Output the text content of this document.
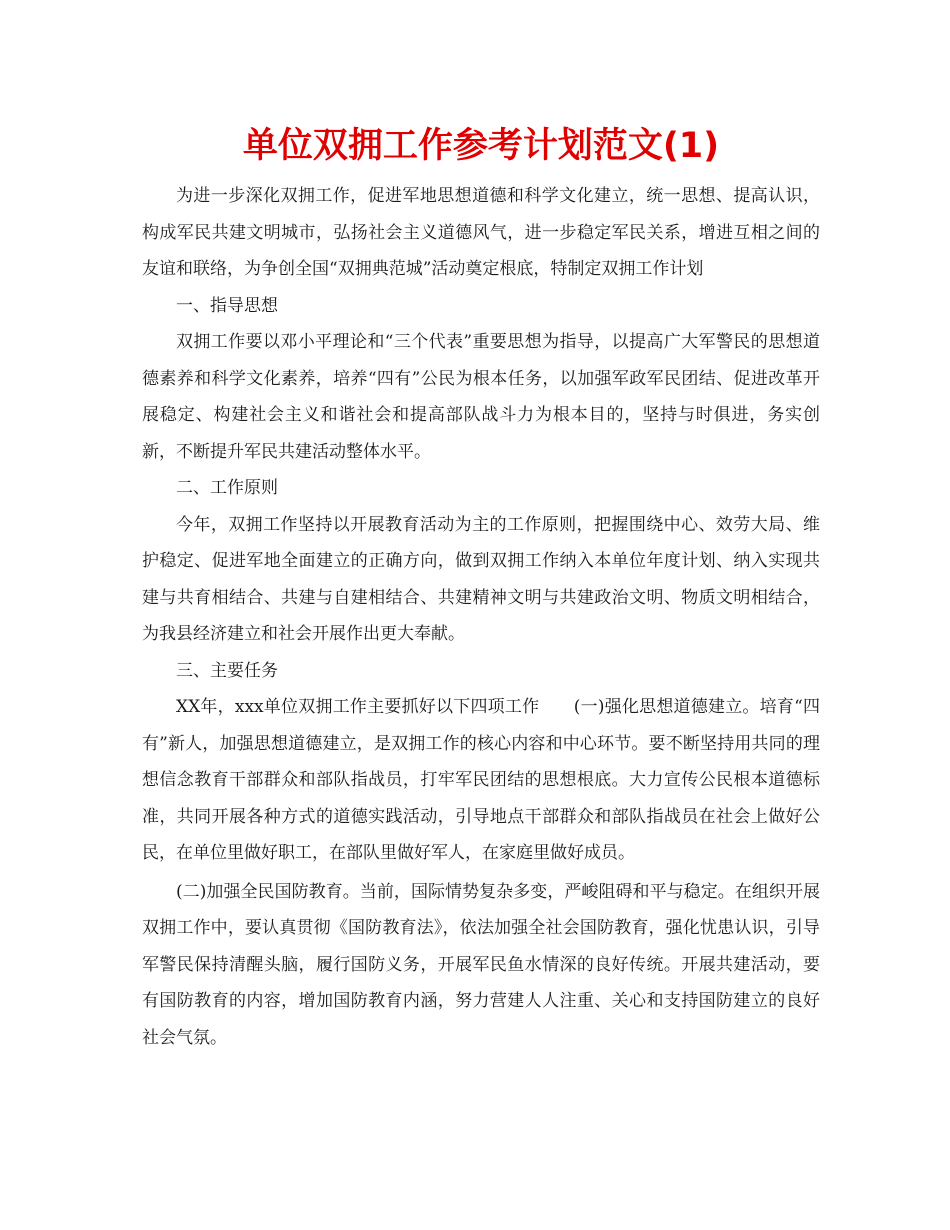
单位双拥工作参考计划范文(1)

为进一步深化双拥工作，促进军地思想道德和科学文化建立，统一思想、提高认识，构成军民共建文明城市，弘扬社会主义道德风气，进一步稳定军民关系，增进互相之间的友谊和联络，为争创全国“双拥典范城”活动奠定根底，特制定双拥工作计划

一、指导思想

双拥工作要以邓小平理论和“三个代表”重要思想为指导，以提高广大军警民的思想道德素养和科学文化素养，培养“四有”公民为根本任务，以加强军政军民团结、促进改革开展稳定、构建社会主义和谐社会和提高部队战斗力为根本目的，坚持与时俱进，务实创新，不断提升军民共建活动整体水平。

二、工作原则

今年，双拥工作坚持以开展教育活动为主的工作原则，把握围绕中心、效劳大局、维护稳定、促进军地全面建立的正确方向，做到双拥工作纳入本单位年度计划、纳入实现共建与共育相结合、共建与自建相结合、共建精神文明与共建政治文明、物质文明相结合，为我县经济建立和社会开展作出更大奉献。

三、主要任务

XX年，xxx单位双拥工作主要抓好以下四项工作　　(一)强化思想道德建立。培育“四有”新人，加强思想道德建立，是双拥工作的核心内容和中心环节。要不断坚持用共同的理想信念教育干部群众和部队指战员，打牢军民团结的思想根底。大力宣传公民根本道德标准，共同开展各种方式的道德实践活动，引导地点干部群众和部队指战员在社会上做好公民，在单位里做好职工，在部队里做好军人，在家庭里做好成员。

(二)加强全民国防教育。当前，国际情势复杂多变，严峻阻碍和平与稳定。在组织开展双拥工作中，要认真贯彻《国防教育法》，依法加强全社会国防教育，强化忧患认识，引导军警民保持清醒头脑，履行国防义务，开展军民鱼水情深的良好传统。开展共建活动，要有国防教育的内容，增加国防教育内涵，努力营建人人注重、关心和支持国防建立的良好社会气氛。
